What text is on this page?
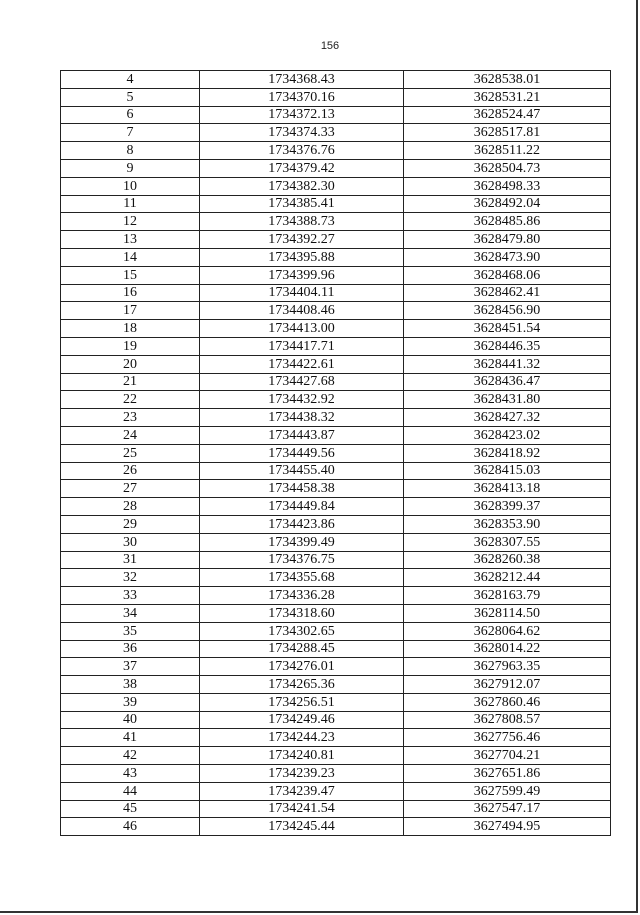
156
4	1734368.43	3628538.01
5	1734370.16	3628531.21
6	1734372.13	3628524.47
7	1734374.33	3628517.81
8	1734376.76	3628511.22
9	1734379.42	3628504.73
10	1734382.30	3628498.33
11	1734385.41	3628492.04
12	1734388.73	3628485.86
13	1734392.27	3628479.80
14	1734395.88	3628473.90
15	1734399.96	3628468.06
16	1734404.11	3628462.41
17	1734408.46	3628456.90
18	1734413.00	3628451.54
19	1734417.71	3628446.35
20	1734422.61	3628441.32
21	1734427.68	3628436.47
22	1734432.92	3628431.80
23	1734438.32	3628427.32
24	1734443.87	3628423.02
25	1734449.56	3628418.92
26	1734455.40	3628415.03
27	1734458.38	3628413.18
28	1734449.84	3628399.37
29	1734423.86	3628353.90
30	1734399.49	3628307.55
31	1734376.75	3628260.38
32	1734355.68	3628212.44
33	1734336.28	3628163.79
34	1734318.60	3628114.50
35	1734302.65	3628064.62
36	1734288.45	3628014.22
37	1734276.01	3627963.35
38	1734265.36	3627912.07
39	1734256.51	3627860.46
40	1734249.46	3627808.57
41	1734244.23	3627756.46
42	1734240.81	3627704.21
43	1734239.23	3627651.86
44	1734239.47	3627599.49
45	1734241.54	3627547.17
46	1734245.44	3627494.95
